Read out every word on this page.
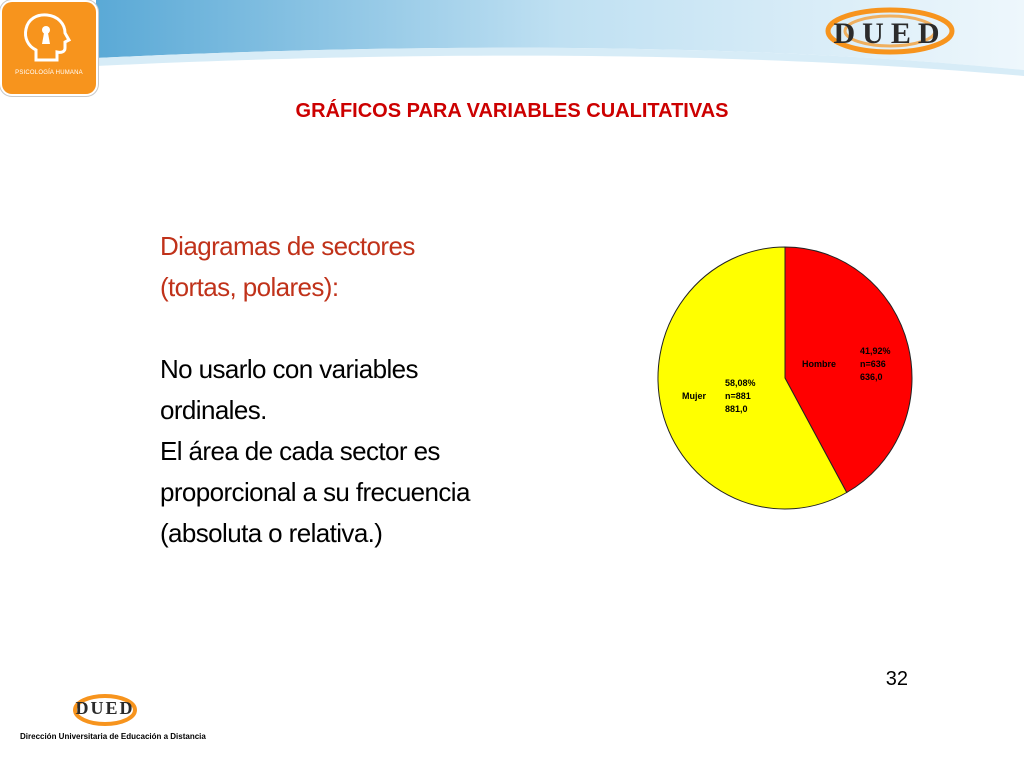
PSICOLOGÍA HUMANA
DUED
GRÁFICOS PARA VARIABLES CUALITATIVAS
Diagramas de sectores
(tortas, polares):
No usarlo con variables
ordinales.
El área de cada sector es
proporcional a su frecuencia
(absoluta o relativa.)
Hombre
41,92%
n=636
636,0
Mujer
58,08%
n=881
881,0
32
DUED
Dirección Universitaria de Educación a Distancia
